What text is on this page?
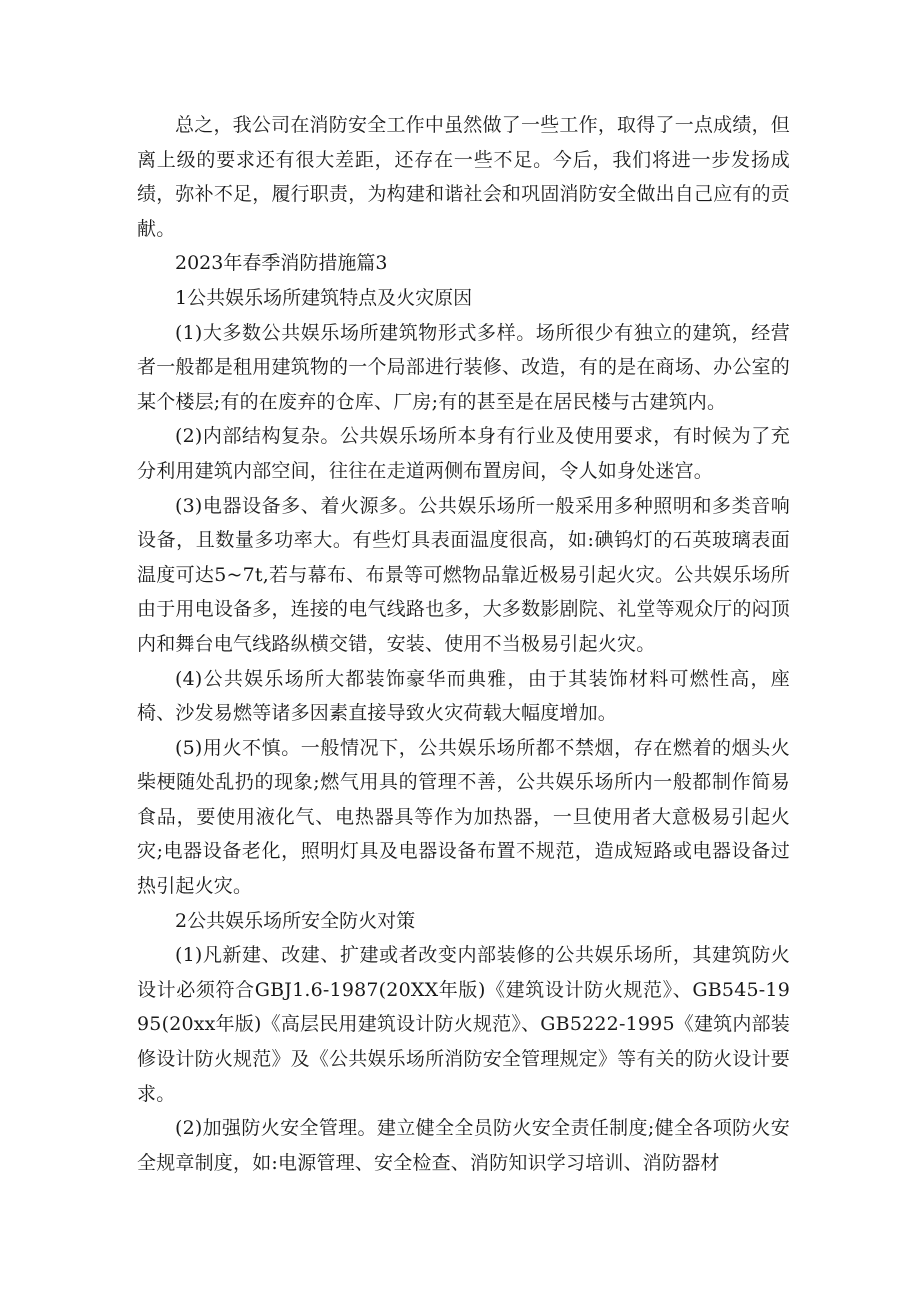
总之，我公司在消防安全工作中虽然做了一些工作，取得了一点成绩，但离上级的要求还有很大差距，还存在一些不足。今后，我们将进一步发扬成绩，弥补不足，履行职责，为构建和谐社会和巩固消防安全做出自己应有的贡献。

2023年春季消防措施篇3

1公共娱乐场所建筑特点及火灾原因

(1)大多数公共娱乐场所建筑物形式多样。场所很少有独立的建筑，经营者一般都是租用建筑物的一个局部进行装修、改造，有的是在商场、办公室的某个楼层;有的在废弃的仓库、厂房;有的甚至是在居民楼与古建筑内。

(2)内部结构复杂。公共娱乐场所本身有行业及使用要求，有时候为了充分利用建筑内部空间，往往在走道两侧布置房间，令人如身处迷宫。

(3)电器设备多、着火源多。公共娱乐场所一般采用多种照明和多类音响设备，且数量多功率大。有些灯具表面温度很高，如:碘钨灯的石英玻璃表面温度可达5~7t,若与幕布、布景等可燃物品靠近极易引起火灾。公共娱乐场所由于用电设备多，连接的电气线路也多，大多数影剧院、礼堂等观众厅的闷顶内和舞台电气线路纵横交错，安装、使用不当极易引起火灾。

(4)公共娱乐场所大都装饰豪华而典雅，由于其装饰材料可燃性高，座椅、沙发易燃等诸多因素直接导致火灾荷载大幅度增加。

(5)用火不慎。一般情况下，公共娱乐场所都不禁烟，存在燃着的烟头火柴梗随处乱扔的现象;燃气用具的管理不善，公共娱乐场所内一般都制作简易食品，要使用液化气、电热器具等作为加热器，一旦使用者大意极易引起火灾;电器设备老化，照明灯具及电器设备布置不规范，造成短路或电器设备过热引起火灾。

2公共娱乐场所安全防火对策

(1)凡新建、改建、扩建或者改变内部装修的公共娱乐场所，其建筑防火设计必须符合GBJ1.6-1987(20XX年版)《建筑设计防火规范》、GB545-1995(20xx年版)《高层民用建筑设计防火规范》、GB5222-1995《建筑内部装修设计防火规范》及《公共娱乐场所消防安全管理规定》等有关的防火设计要求。

(2)加强防火安全管理。建立健全全员防火安全责任制度;健全各项防火安全规章制度，如:电源管理、安全检查、消防知识学习培训、消防器材
